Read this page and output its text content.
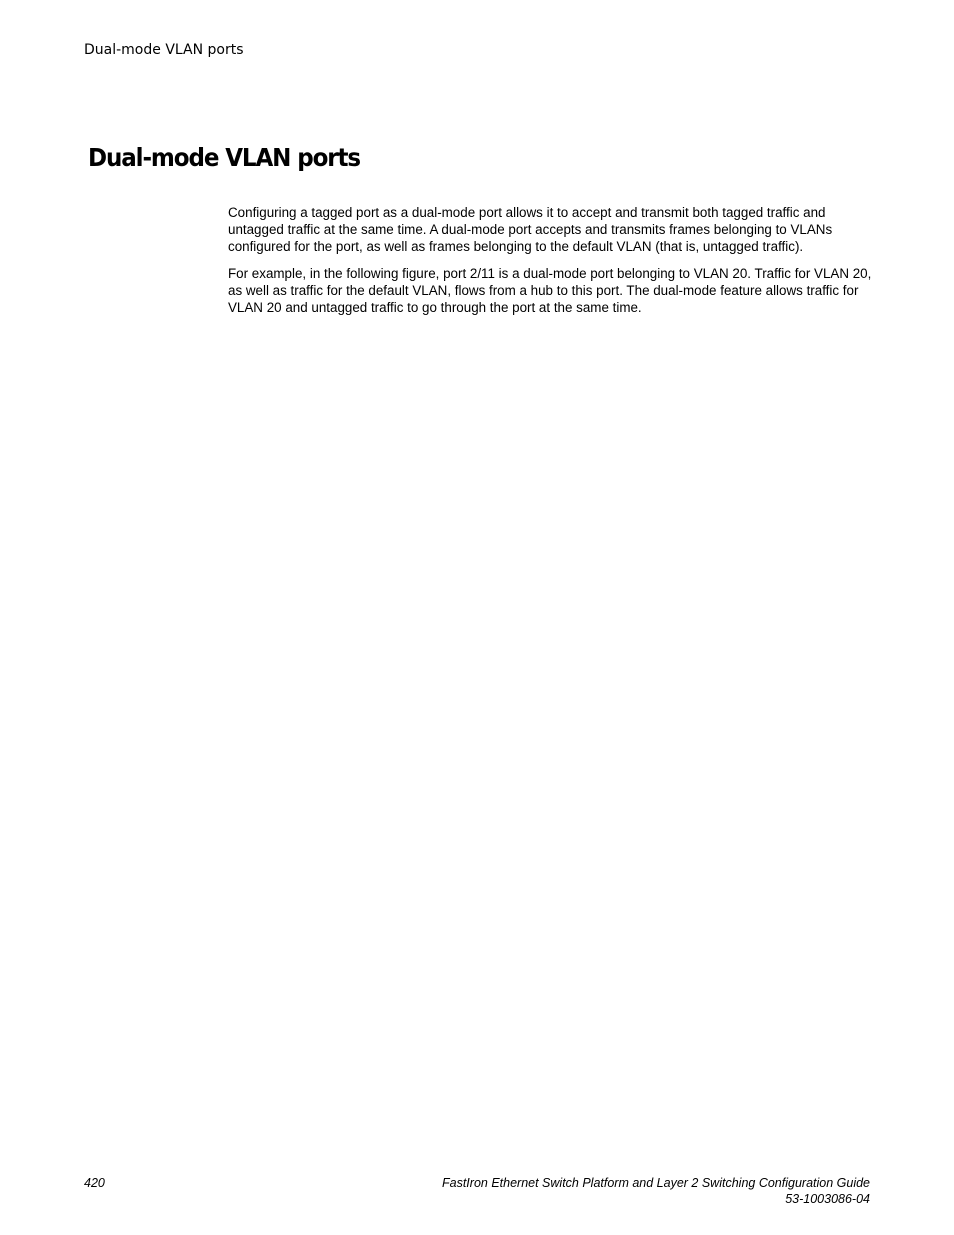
Dual-mode VLAN ports
Dual-mode VLAN ports

Configuring a tagged port as a dual-mode port allows it to accept and transmit both tagged traffic and untagged traffic at the same time. A dual-mode port accepts and transmits frames belonging to VLANs configured for the port, as well as frames belonging to the default VLAN (that is, untagged traffic).

For example, in the following figure, port 2/11 is a dual-mode port belonging to VLAN 20. Traffic for VLAN 20, as well as traffic for the default VLAN, flows from a hub to this port. The dual-mode feature allows traffic for VLAN 20 and untagged traffic to go through the port at the same time.

420	FastIron Ethernet Switch Platform and Layer 2 Switching Configuration Guide
53-1003086-04
